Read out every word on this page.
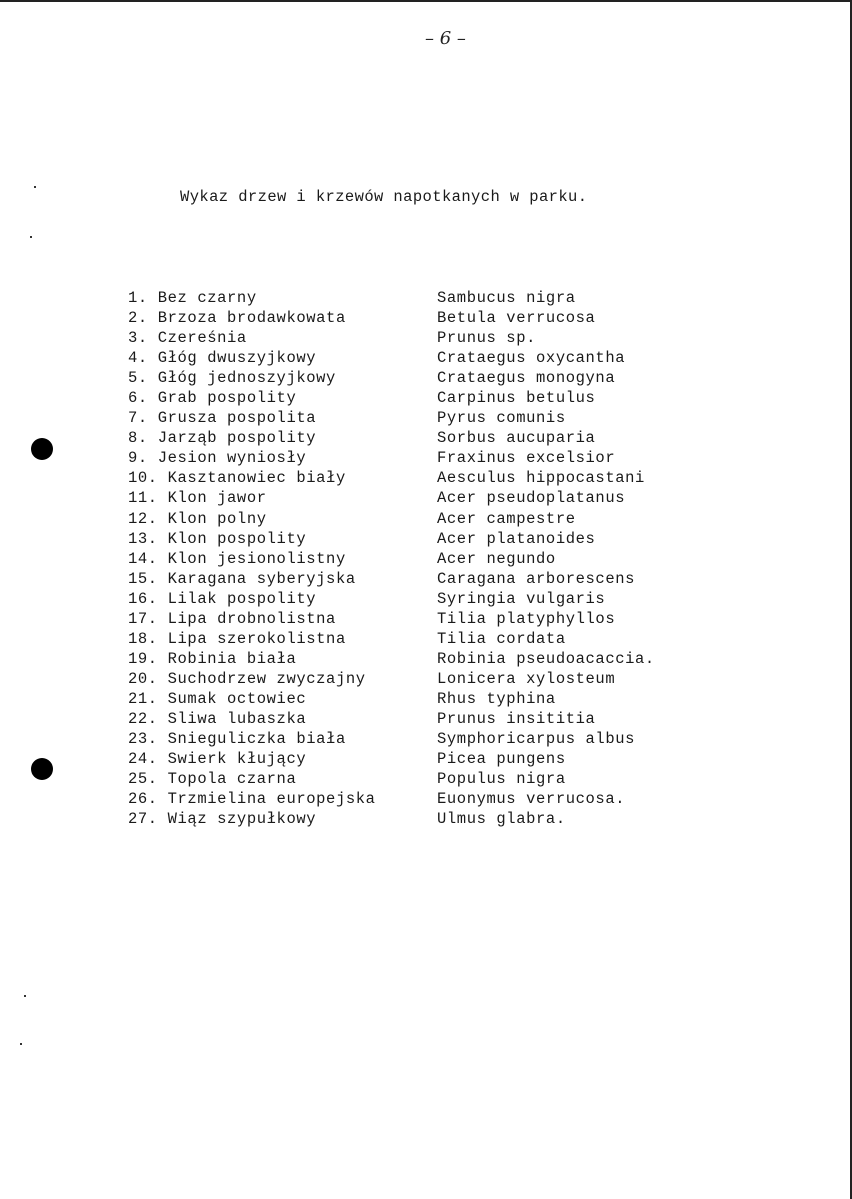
– 6 –
Wykaz drzew i krzewów napotkanych w parku.
1. Bez czarny	Sambucus nigra
2. Brzoza brodawkowata	Betula verrucosa
3. Czereśnia	Prunus sp.
4. Głóg dwuszyjkowy	Crataegus oxycantha
5. Głóg jednoszyjkowy	Crataegus monogyna
6. Grab pospolity	Carpinus betulus
7. Grusza pospolita	Pyrus comunis
8. Jarząb pospolity	Sorbus aucuparia
9. Jesion wyniosły	Fraxinus excelsior
10. Kasztanowiec biały	Aesculus hippocastani
11. Klon jawor	Acer pseudoplatanus
12. Klon polny	Acer campestre
13. Klon pospolity	Acer platanoides
14. Klon jesionolistny	Acer negundo
15. Karagana syberyjska	Caragana arborescens
16. Lilak pospolity	Syringia vulgaris
17. Lipa drobnolistna	Tilia platyphyllos
18. Lipa szerokolistna	Tilia cordata
19. Robinia biała	Robinia pseudoacaccia.
20. Suchodrzew zwyczajny	Lonicera xylosteum
21. Sumak octowiec	Rhus typhina
22. Sliwa lubaszka	Prunus insititia
23. Snieguliczka biała	Symphoricarpus albus
24. Swierk kłujący	Picea pungens
25. Topola czarna	Populus nigra
26. Trzmielina europejska	Euonymus verrucosa.
27. Wiąz szypułkowy	Ulmus glabra.
